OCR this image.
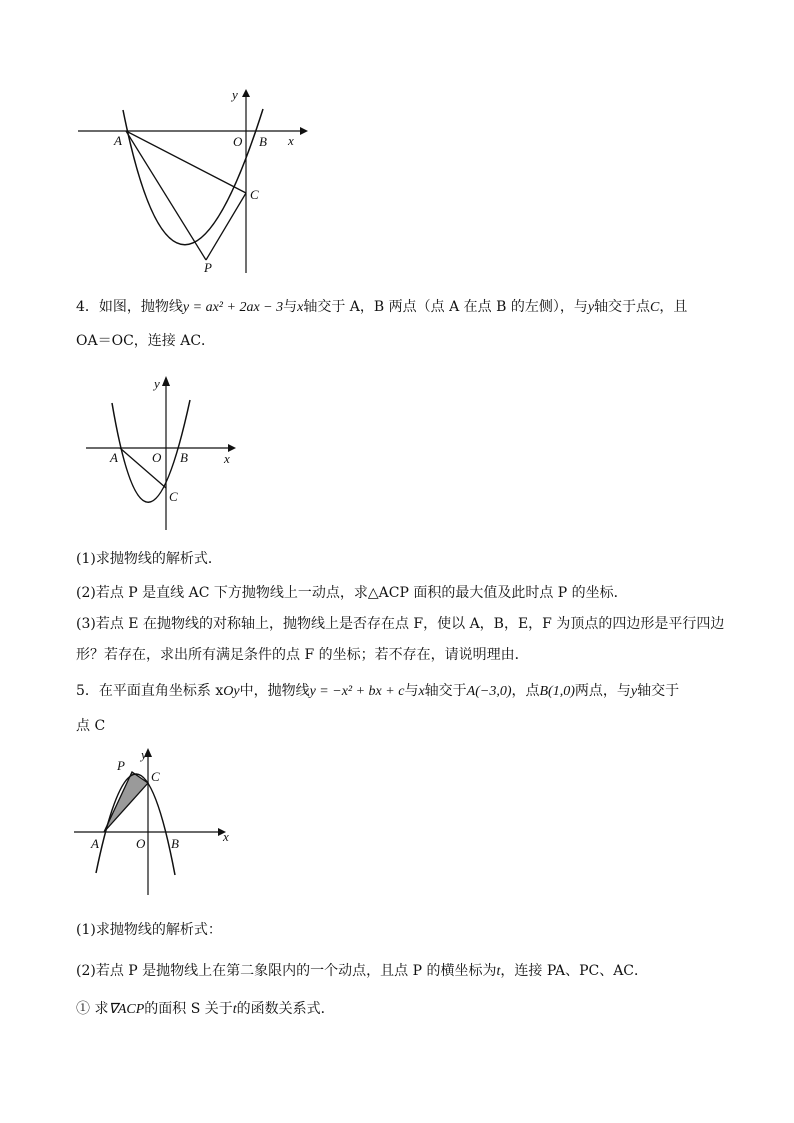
y
x
O
A	B
C
P
4．如图，抛物线y = ax² + 2ax − 3与x轴交于 A，B 两点（点 A 在点 B 的左侧），与y轴交于点C，且
OA＝OC，连接 AC．
y
x
O
A	B
C
(1)求抛物线的解析式．
(2)若点 P 是直线 AC 下方抛物线上一动点，求△ACP 面积的最大值及此时点 P 的坐标．
(3)若点 E 在抛物线的对称轴上，抛物线上是否存在点 F，使以 A，B，E，F 为顶点的四边形是平行四边
形？若存在，求出所有满足条件的点 F 的坐标；若不存在，请说明理由．
5．在平面直角坐标系 xOy中，抛物线y = −x² + bx + c与x轴交于A(−3,0)，点B(1,0)两点，与y轴交于
点 C
y
x
O
A	B
C
P
(1)求抛物线的解析式：
(2)若点 P 是抛物线上在第二象限内的一个动点，且点 P 的横坐标为t，连接 PA、PC、AC．
① 求∇ACP的面积 S 关于t的函数关系式．
